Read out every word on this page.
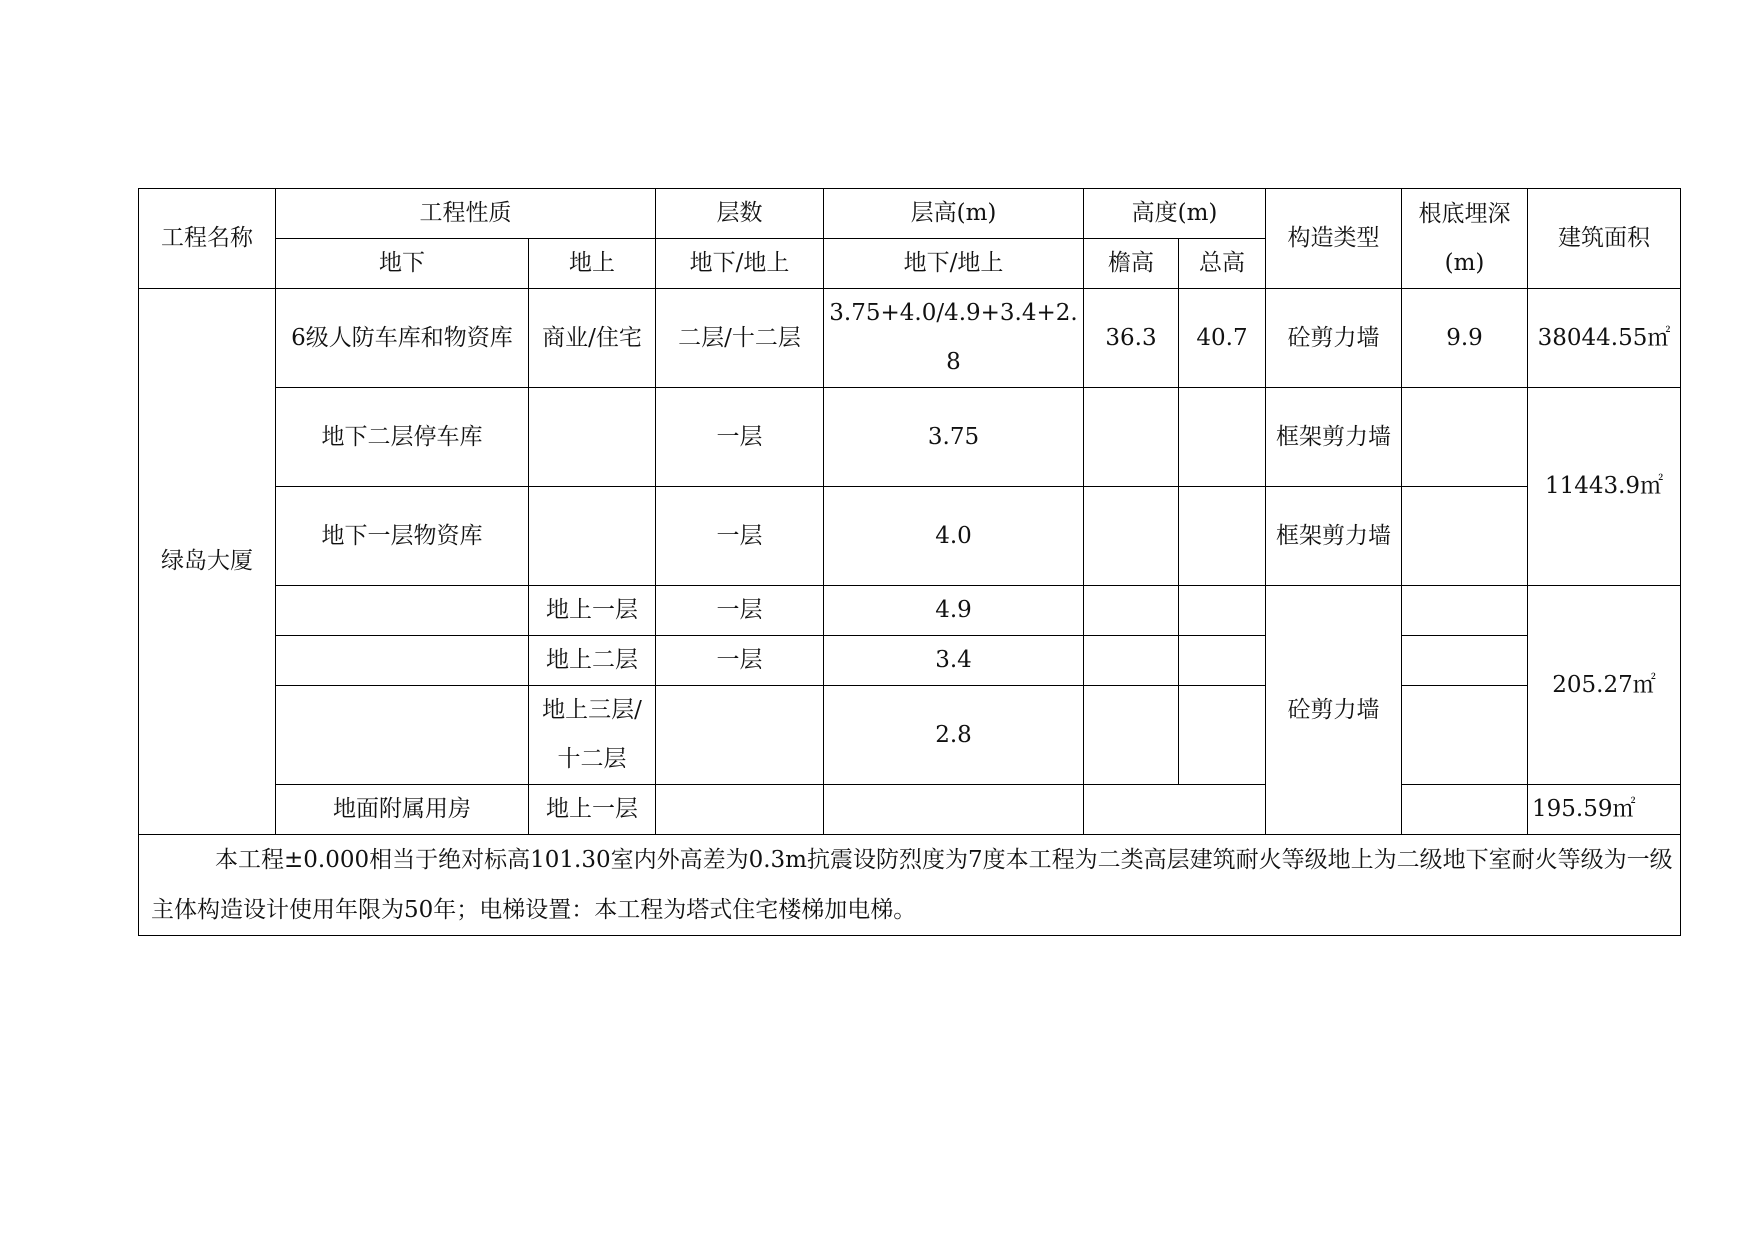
工程名称	工程性质		层数	层高(m)	高度(m)		构造类型	根底埋深(m)	建筑面积
	地下	地上	地下/地上	地下/地上	檐高	总高			
绿岛大厦	6级人防车库和物资库	商业/住宅	二层/十二层	3.75+4.0/4.9+3.4+2.8	36.3	40.7	砼剪力墙	9.9	38044.55㎡
	地下二层停车库		一层	3.75			框架剪力墙		11443.9㎡
	地下一层物资库		一层	4.0			框架剪力墙		
		地上一层	一层	4.9			砼剪力墙		205.27㎡
		地上二层	一层	3.4					
		地上三层/十二层		2.8					
	地面附属用房	地上一层							195.59㎡
本工程±0.000相当于绝对标高101.30室内外高差为0.3m抗震设防烈度为7度本工程为二类高层建筑耐火等级地上为二级地下室耐火等级为一级主体构造设计使用年限为50年；电梯设置：本工程为塔式住宅楼梯加电梯。									
